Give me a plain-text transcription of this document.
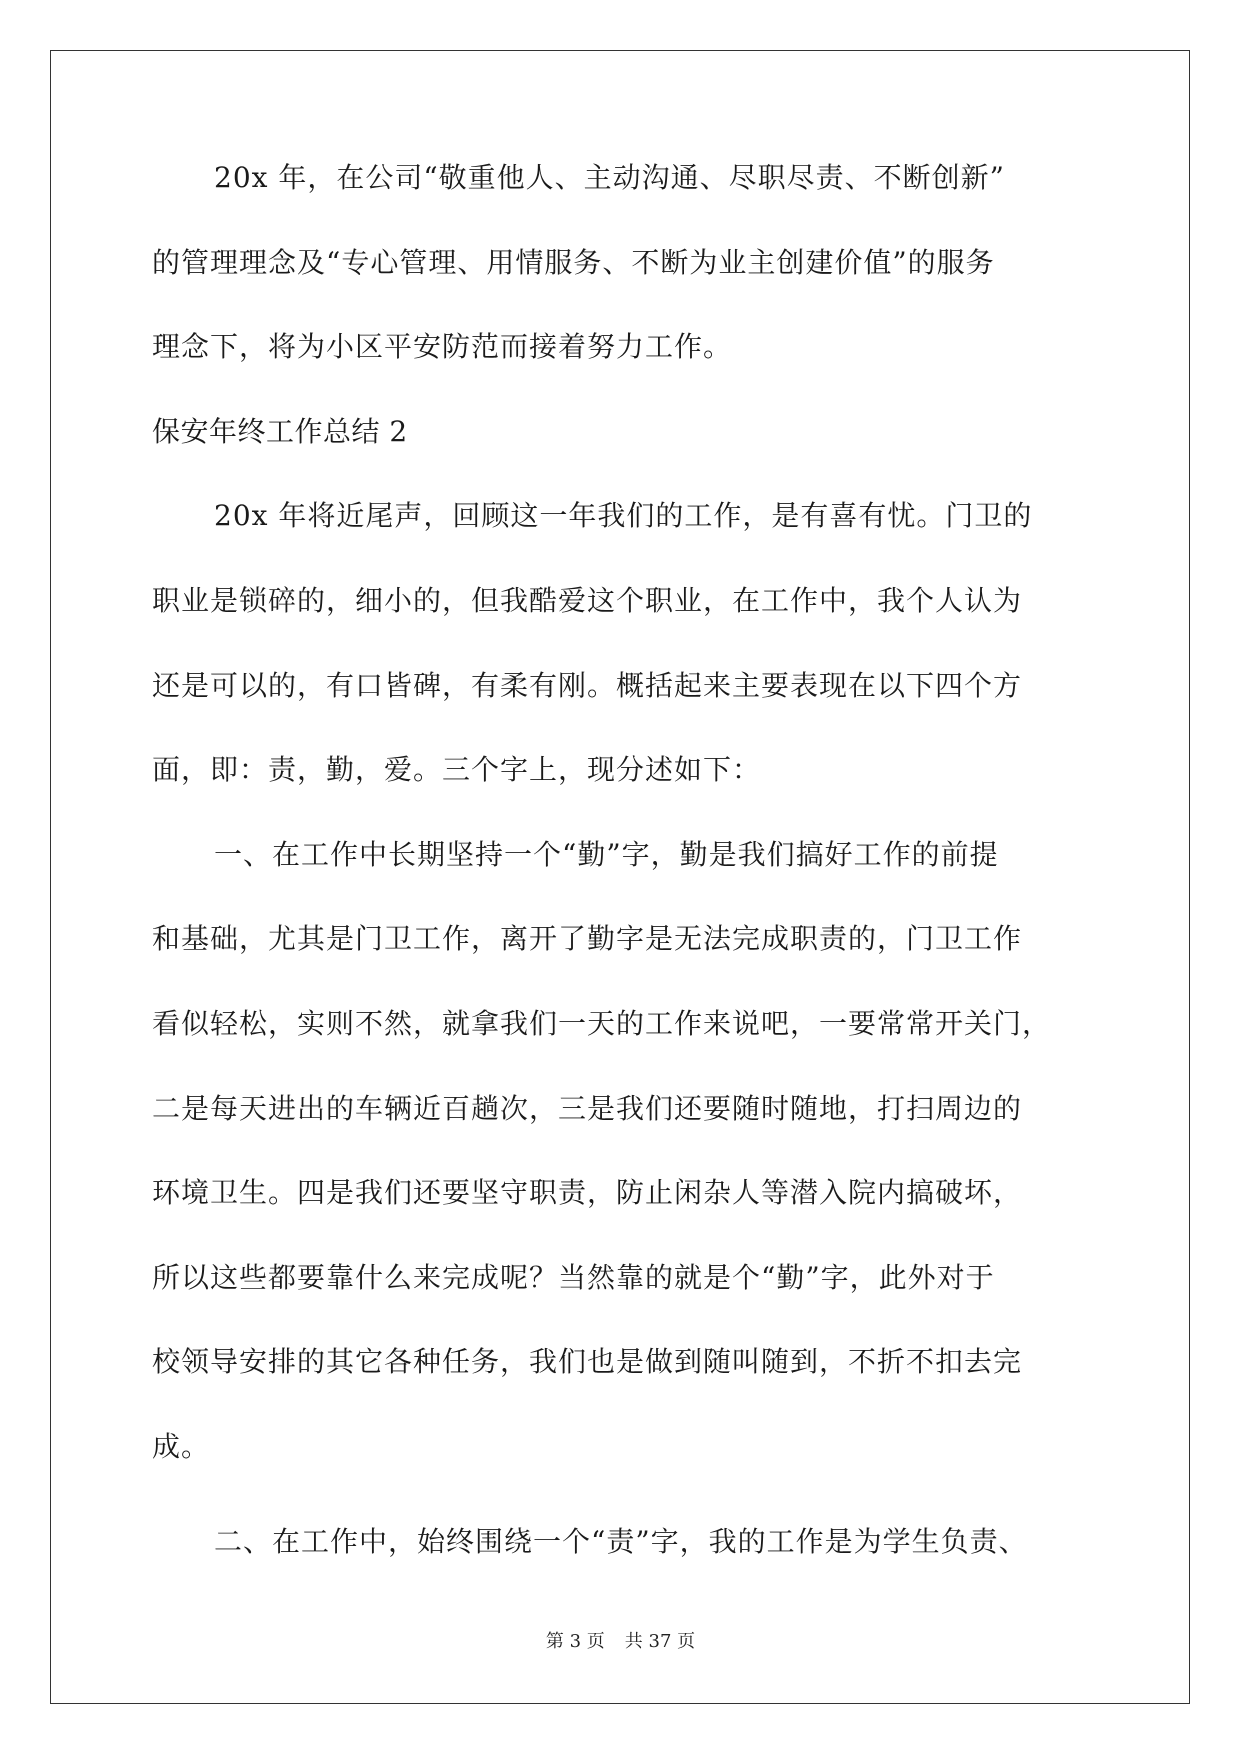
20x 年，在公司“敬重他人、主动沟通、尽职尽责、不断创新”
的管理理念及“专心管理、用情服务、不断为业主创建价值”的服务
理念下，将为小区平安防范而接着努力工作。
保安年终工作总结 2
20x 年将近尾声，回顾这一年我们的工作，是有喜有忧。门卫的
职业是锁碎的，细小的，但我酷爱这个职业，在工作中，我个人认为
还是可以的，有口皆碑，有柔有刚。概括起来主要表现在以下四个方
面，即：责，勤，爱。三个字上，现分述如下：
一、在工作中长期坚持一个“勤”字，勤是我们搞好工作的前提
和基础，尤其是门卫工作，离开了勤字是无法完成职责的，门卫工作
看似轻松，实则不然，就拿我们一天的工作来说吧，一要常常开关门，
二是每天进出的车辆近百趟次，三是我们还要随时随地，打扫周边的
环境卫生。四是我们还要坚守职责，防止闲杂人等潜入院内搞破坏，
所以这些都要靠什么来完成呢？当然靠的就是个“勤”字，此外对于
校领导安排的其它各种任务，我们也是做到随叫随到，不折不扣去完
成。
二、在工作中，始终围绕一个“责”字，我的工作是为学生负责、
第 3 页 共 37 页
